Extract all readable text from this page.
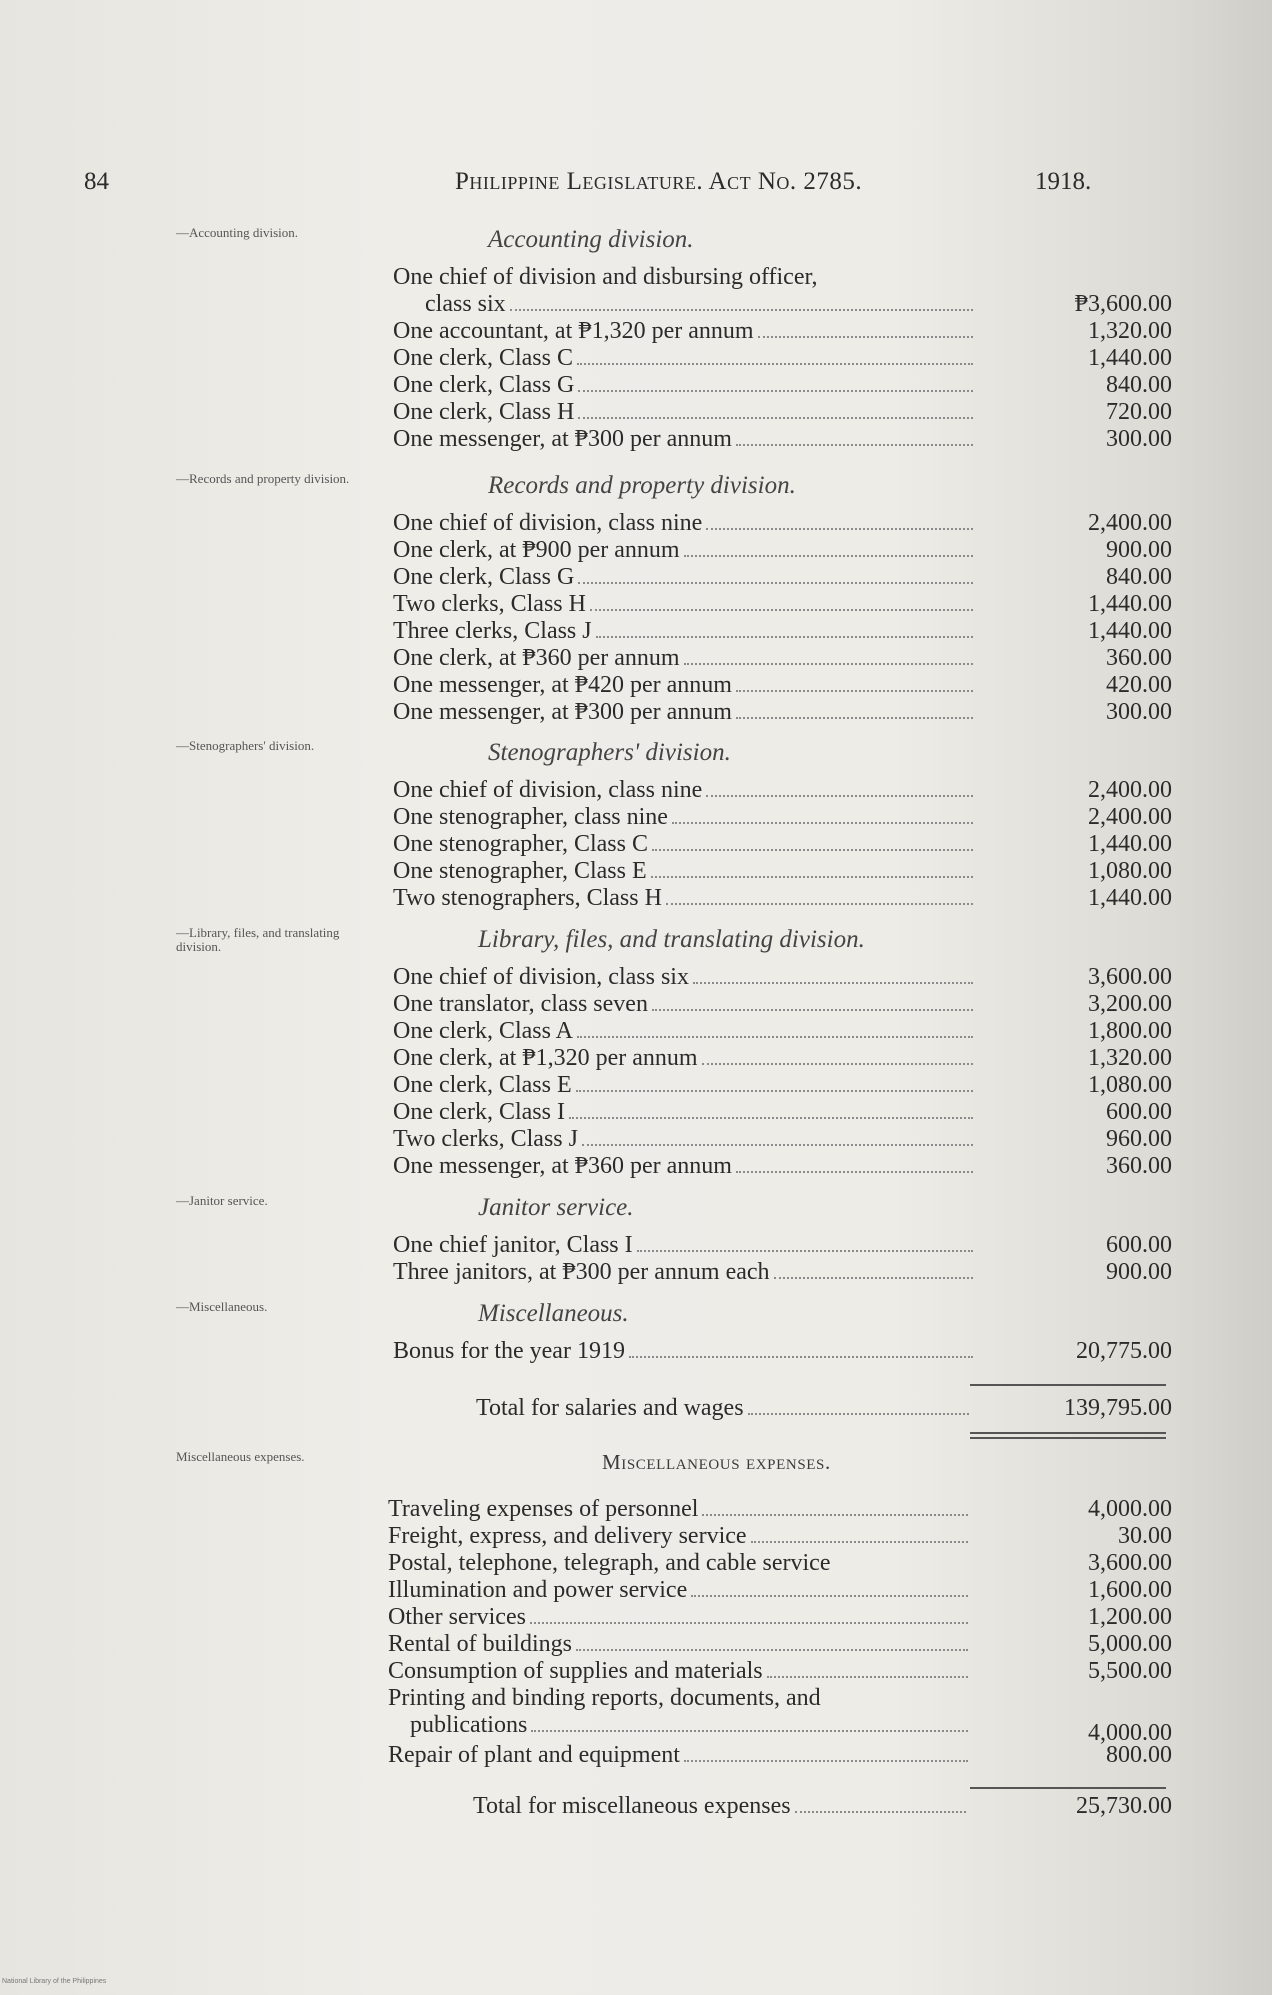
84	Philippine Legislature. Act No. 2785.	1918.
—Accounting division.	Accounting division.
One chief of division and disbursing officer,
class six	₱3,600.00
One accountant, at ₱1,320 per annum	1,320.00
One clerk, Class C	1,440.00
One clerk, Class G	840.00
One clerk, Class H	720.00
One messenger, at ₱300 per annum	300.00
—Records and property division.	Records and property division.
One chief of division, class nine	2,400.00
One clerk, at ₱900 per annum	900.00
One clerk, Class G	840.00
Two clerks, Class H	1,440.00
Three clerks, Class J	1,440.00
One clerk, at ₱360 per annum	360.00
One messenger, at ₱420 per annum	420.00
One messenger, at ₱300 per annum	300.00
—Stenographers' division.	Stenographers' division.
One chief of division, class nine	2,400.00
One stenographer, class nine	2,400.00
One stenographer, Class C	1,440.00
One stenographer, Class E	1,080.00
Two stenographers, Class H	1,440.00
—Library, files, and translating division.	Library, files, and translating division.
One chief of division, class six	3,600.00
One translator, class seven	3,200.00
One clerk, Class A	1,800.00
One clerk, at ₱1,320 per annum	1,320.00
One clerk, Class E	1,080.00
One clerk, Class I	600.00
Two clerks, Class J	960.00
One messenger, at ₱360 per annum	360.00
—Janitor service.	Janitor service.
One chief janitor, Class I	600.00
Three janitors, at ₱300 per annum each	900.00
—Miscellaneous.	Miscellaneous.
Bonus for the year 1919	20,775.00
Total for salaries and wages	139,795.00
Miscellaneous expenses.	Miscellaneous expenses.
Traveling expenses of personnel	4,000.00
Freight, express, and delivery service	30.00
Postal, telephone, telegraph, and cable service	3,600.00
Illumination and power service	1,600.00
Other services	1,200.00
Rental of buildings	5,000.00
Consumption of supplies and materials	5,500.00
Printing and binding reports, documents, and
publications	4,000.00
Repair of plant and equipment	800.00
Total for miscellaneous expenses	25,730.00
National Library of the Philippines
